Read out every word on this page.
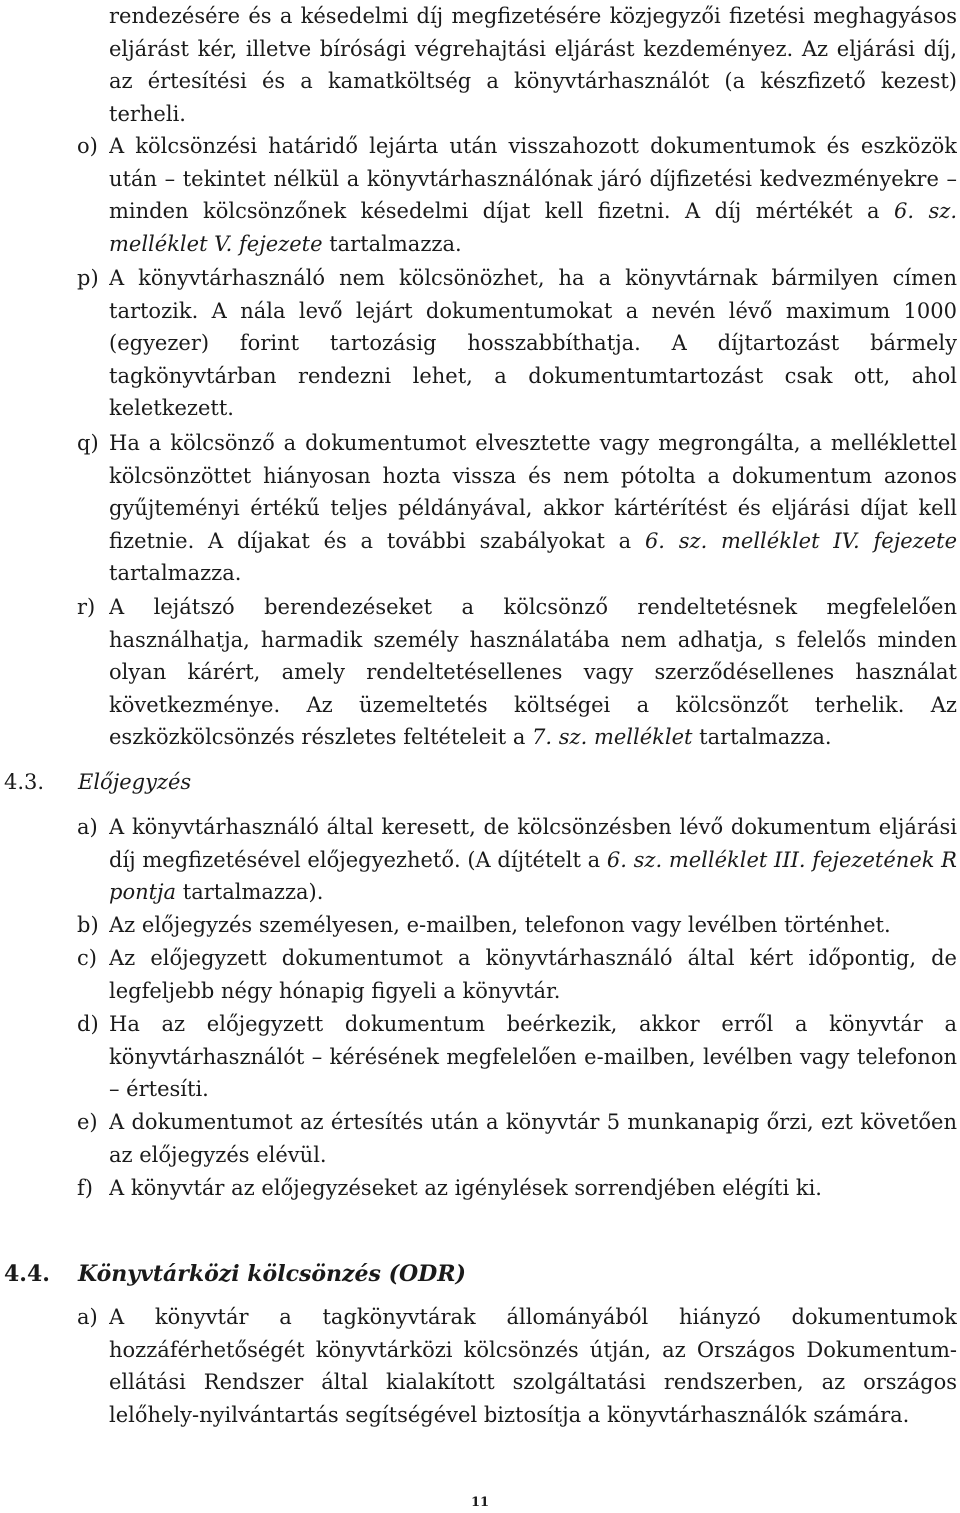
rendezésére és a késedelmi díj megfizetésére közjegyzői fizetési meghagyásos eljárást kér, illetve bírósági végrehajtási eljárást kezdeményez. Az eljárási díj, az értesítési és a kamatköltség a könyvtárhasználót (a készfizető kezest) terheli.
o) A kölcsönzési határidő lejárta után visszahozott dokumentumok és eszközök után – tekintet nélkül a könyvtárhasználónak járó díjfizetési kedvezményekre – minden kölcsönzőnek késedelmi díjat kell fizetni. A díj mértékét a 6. sz. melléklet V. fejezete tartalmazza.
p) A könyvtárhasználó nem kölcsönözhet, ha a könyvtárnak bármilyen címen tartozik. A nála levő lejárt dokumentumokat a nevén lévő maximum 1000 (egyezer) forint tartozásig hosszabbíthatja. A díjtartozást bármely tagkönyvtárban rendezni lehet, a dokumentumtartozást csak ott, ahol keletkezett.
q) Ha a kölcsönző a dokumentumot elvesztette vagy megrongálta, a melléklettel kölcsönzöttet hiányosan hozta vissza és nem pótolta a dokumentum azonos gyűjteményi értékű teljes példányával, akkor kártérítést és eljárási díjat kell fizetnie. A díjakat és a további szabályokat a 6. sz. melléklet IV. fejezete tartalmazza.
r) A lejátszó berendezéseket a kölcsönző rendeltetésnek megfelelően használhatja, harmadik személy használatába nem adhatja, s felelős minden olyan kárért, amely rendeltetésellenes vagy szerződésellenes használat következménye. Az üzemeltetés költségei a kölcsönzőt terhelik. Az eszközkölcsönzés részletes feltételeit a 7. sz. melléklet tartalmazza.
4.3. Előjegyzés
a) A könyvtárhasználó által keresett, de kölcsönzésben lévő dokumentum eljárási díj megfizetésével előjegyezhető. (A díjtételt a 6. sz. melléklet III. fejezetének R pontja tartalmazza).
b) Az előjegyzés személyesen, e-mailben, telefonon vagy levélben történhet.
c) Az előjegyzett dokumentumot a könyvtárhasználó által kért időpontig, de legfeljebb négy hónapig figyeli a könyvtár.
d) Ha az előjegyzett dokumentum beérkezik, akkor erről a könyvtár a könyvtárhasználót – kérésének megfelelően e-mailben, levélben vagy telefonon – értesíti.
e) A dokumentumot az értesítés után a könyvtár 5 munkanapig őrzi, ezt követően az előjegyzés elévül.
f) A könyvtár az előjegyzéseket az igénylések sorrendjében elégíti ki.
4.4. Könyvtárközi kölcsönzés (ODR)
a) A könyvtár a tagkönyvtárak állományából hiányzó dokumentumok hozzáférhetőségét könyvtárközi kölcsönzés útján, az Országos Dokumentum-ellátási Rendszer által kialakított szolgáltatási rendszerben, az országos lelőhely-nyilvántartás segítségével biztosítja a könyvtárhasználók számára.
11
